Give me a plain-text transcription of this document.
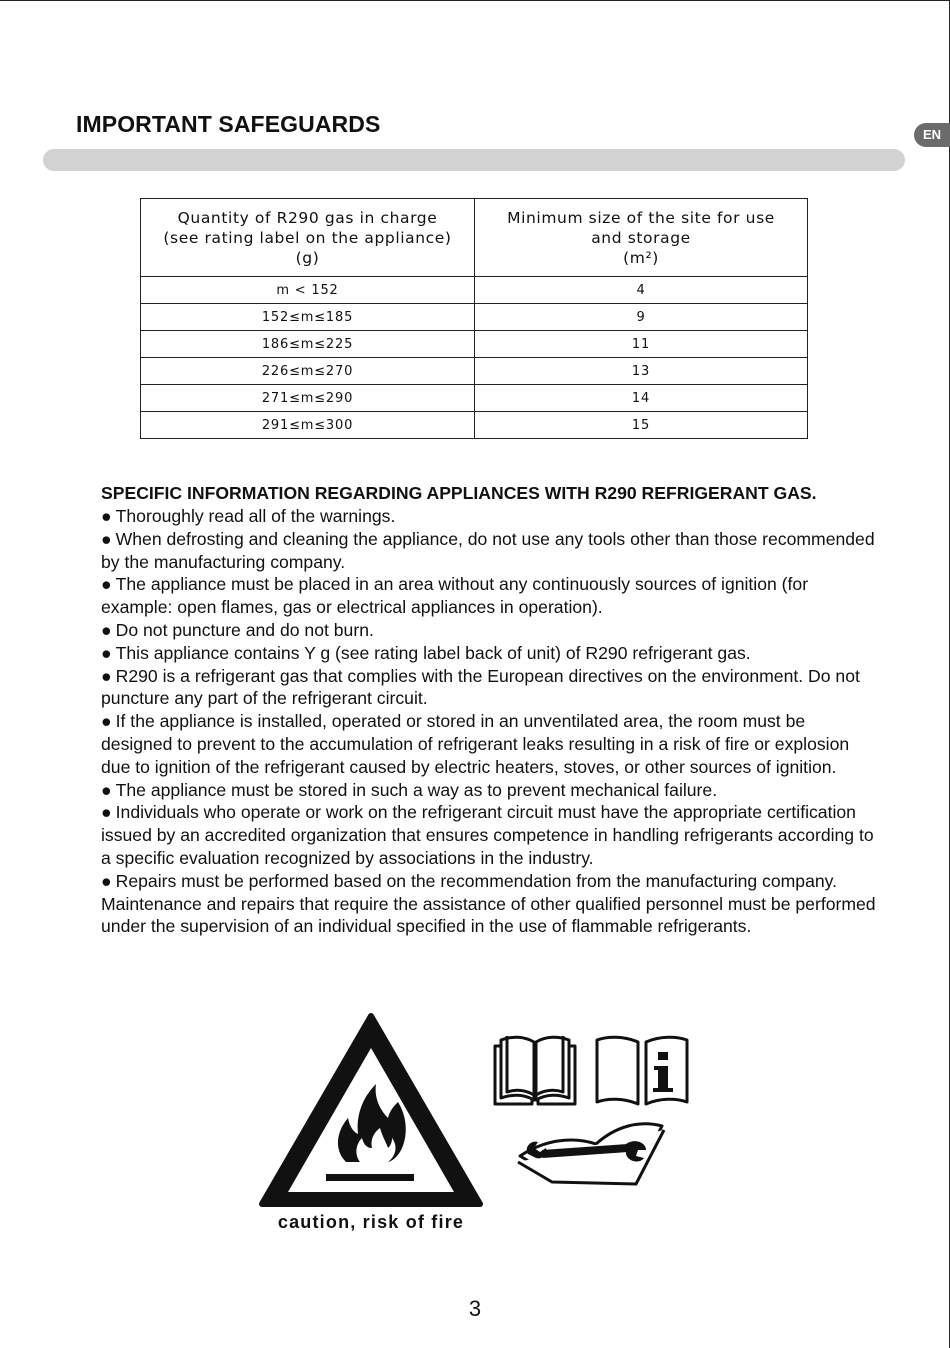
IMPORTANT SAFEGUARDS	EN
Quantity of R290 gas in charge
(see rating label on the appliance)
(g)	Minimum size of the site for use
and storage
(m²)

m < 152	4
152≤m≤185	9
186≤m≤225	11
226≤m≤270	13
271≤m≤290	14
291≤m≤300	15
SPECIFIC INFORMATION REGARDING APPLIANCES WITH R290 REFRIGERANT GAS.
● Thoroughly read all of the warnings.
● When defrosting and cleaning the appliance, do not use any tools other than those recommended by the manufacturing company.
● The appliance must be placed in an area without any continuously sources of ignition (for example: open flames, gas or electrical appliances in operation).
● Do not puncture and do not burn.
● This appliance contains Y g (see rating label back of unit) of R290 refrigerant gas.
● R290 is a refrigerant gas that complies with the European directives on the environment. Do not puncture any part of the refrigerant circuit.
● If the appliance is installed, operated or stored in an unventilated area, the room must be designed to prevent to the accumulation of refrigerant leaks resulting in a risk of fire or explosion due to ignition of the refrigerant caused by electric heaters, stoves, or other sources of ignition.
● The appliance must be stored in such a way as to prevent mechanical failure.
● Individuals who operate or work on the refrigerant circuit must have the appropriate certification issued by an accredited organization that ensures competence in handling refrigerants according to a specific evaluation recognized by associations in the industry.
● Repairs must be performed based on the recommendation from the manufacturing company. Maintenance and repairs that require the assistance of other qualified personnel must be performed under the supervision of an individual specified in the use of flammable refrigerants.

caution, risk of fire

3
